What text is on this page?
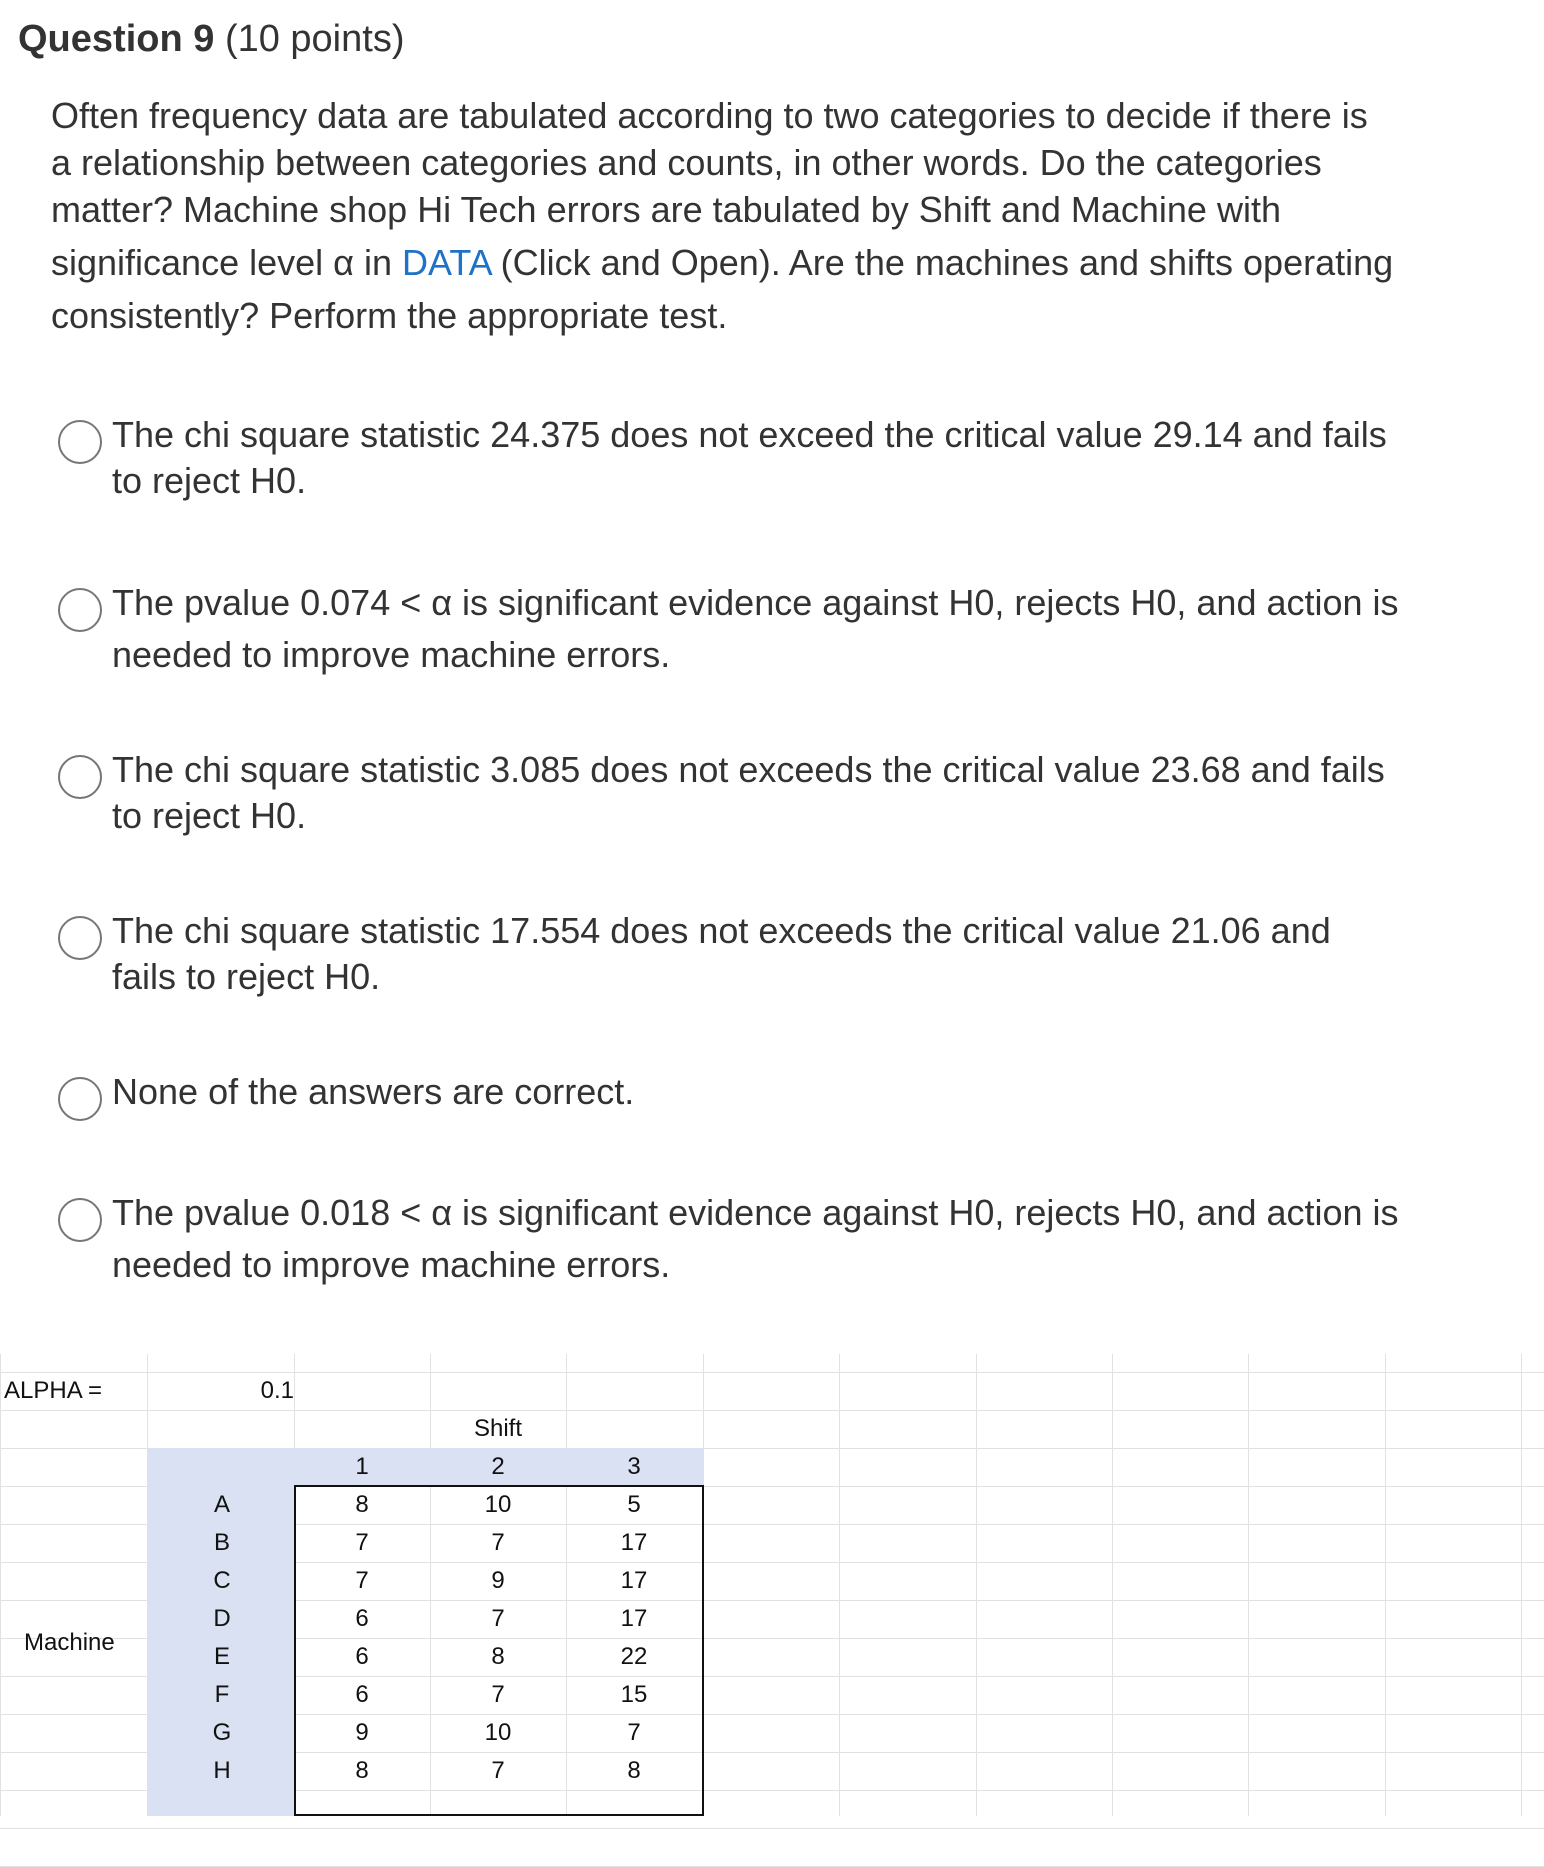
Question 9 (10 points)
Often frequency data are tabulated according to two categories to decide if there is
a relationship between categories and counts, in other words. Do the categories
matter? Machine shop Hi Tech errors are tabulated by Shift and Machine with
significance level α in DATA (Click and Open). Are the machines and shifts operating
consistently? Perform the appropriate test.
The chi square statistic 24.375 does not exceed the critical value 29.14 and fails
to reject H0.
The pvalue 0.074 < α is significant evidence against H0, rejects H0, and action is
needed to improve machine errors.
The chi square statistic 3.085 does not exceeds the critical value 23.68 and fails
to reject H0.
The chi square statistic 17.554 does not exceeds the critical value 21.06 and
fails to reject H0.
None of the answers are correct.
The pvalue 0.018 < α is significant evidence against H0, rejects H0, and action is
needed to improve machine errors.
ALPHA =	0.1
Shift
Machine
1	2	3
A	8	10	5
B	7	7	17
C	7	9	17
D	6	7	17
E	6	8	22
F	6	7	15
G	9	10	7
H	8	7	8
